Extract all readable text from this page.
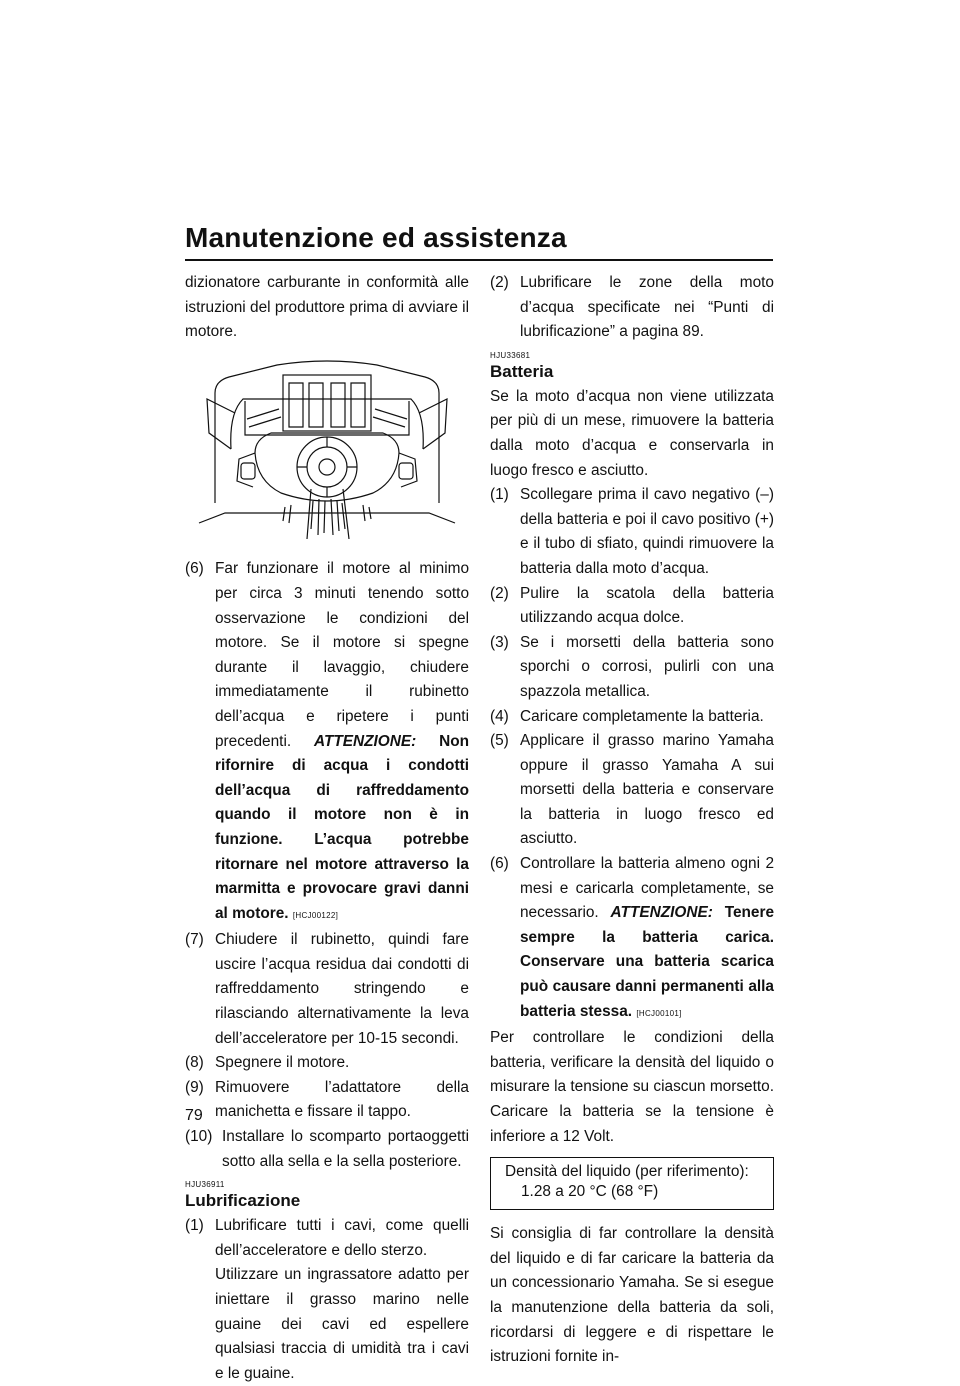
Manutenzione ed assistenza

dizionatore carburante in conformità alle istruzioni del produttore prima di avviare il motore.

(6) Far funzionare il motore al minimo per circa 3 minuti tenendo sotto osservazione le condizioni del motore. Se il motore si spegne durante il lavaggio, chiudere immediatamente il rubinetto dell’acqua e ripetere i punti precedenti. ATTENZIONE: Non rifornire di acqua i condotti dell’acqua di raffreddamento quando il motore non è in funzione. L’acqua potrebbe ritornare nel motore attraverso la marmitta e provocare gravi danni al motore. [HCJ00122]
(7) Chiudere il rubinetto, quindi fare uscire l’acqua residua dai condotti di raffreddamento stringendo e rilasciando alternativamente la leva dell’acceleratore per 10-15 secondi.
(8) Spegnere il motore.
(9) Rimuovere l’adattatore della manichetta e fissare il tappo.
(10) Installare lo scomparto portaoggetti sotto alla sella e la sella posteriore.
HJU36911
Lubrificazione
(1) Lubrificare tutti i cavi, come quelli dell’acceleratore e dello sterzo.

Utilizzare un ingrassatore adatto per iniettare il grasso marino nelle guaine dei cavi ed espellere qualsiasi traccia di umidità tra i cavi e le guaine.

(2) Lubrificare le zone della moto d’acqua specificate nei “Punti di lubrificazione” a pagina 89.
HJU33681
Batteria

Se la moto d’acqua non viene utilizzata per più di un mese, rimuovere la batteria dalla moto d’acqua e conservarla in luogo fresco e asciutto.

(1) Scollegare prima il cavo negativo (–) della batteria e poi il cavo positivo (+) e il tubo di sfiato, quindi rimuovere la batteria dalla moto d’acqua.
(2) Pulire la scatola della batteria utilizzando acqua dolce.
(3) Se i morsetti della batteria sono sporchi o corrosi, pulirli con una spazzola metallica.
(4) Caricare completamente la batteria.
(5) Applicare il grasso marino Yamaha oppure il grasso Yamaha A sui morsetti della batteria e conservare la batteria in luogo fresco ed asciutto.
(6) Controllare la batteria almeno ogni 2 mesi e caricarla completamente, se necessario. ATTENZIONE: Tenere sempre la batteria carica. Conservare una batteria scarica può causare danni permanenti alla batteria stessa. [HCJ00101]

Per controllare le condizioni della batteria, verificare la densità del liquido o misurare la tensione su ciascun morsetto. Caricare la batteria se la tensione è inferiore a 12 Volt.

Densità del liquido (per riferimento):
1.28 a 20 °C (68 °F)

Si consiglia di far controllare la densità del liquido e di far caricare la batteria da un concessionario Yamaha. Se si esegue la manutenzione della batteria da soli, ricordarsi di leggere e di rispettare le istruzioni fornite in-

79
